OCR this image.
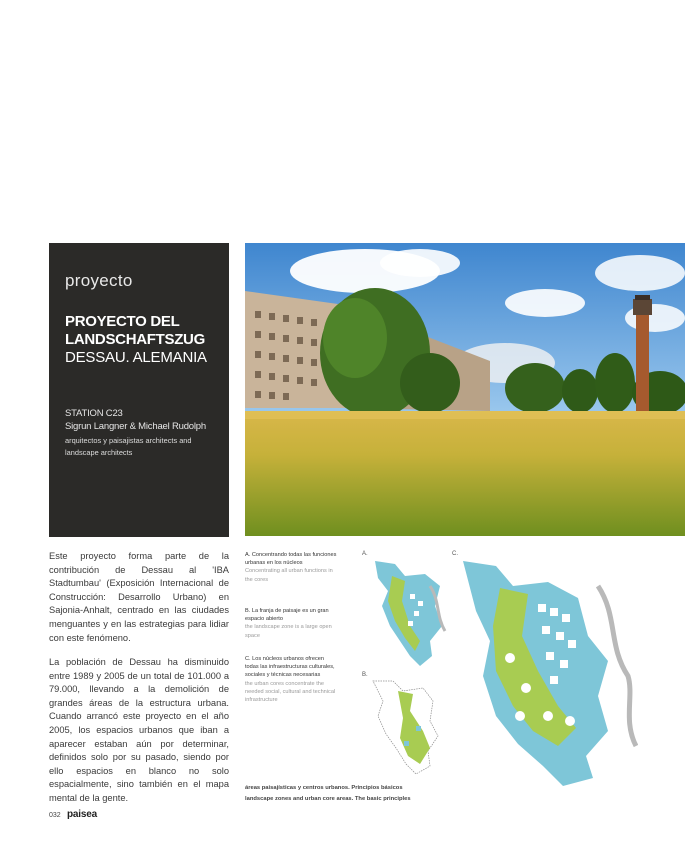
proyecto
PROYECTO DEL LANDSCHAFTSZUG
DESSAU. ALEMANIA
STATION C23
Sigrun Langner & Michael Rudolph
arquitectos y paisajistas architects and landscape architects
Este proyecto forma parte de la contribución de Dessau al 'IBA Stadtumbau' (Exposición Internacional de Construcción: Desarrollo Urbano) en Sajonia-Anhalt, centrado en las ciudades menguantes y en las estrategias para lidiar con este fenómeno.
La población de Dessau ha disminuido entre 1989 y 2005 de un total de 101.000 a 79.000, llevando a la demolición de grandes áreas de la estructura urbana. Cuando arrancó este proyecto en el año 2005, los espacios urbanos que iban a aparecer estaban aún por determinar, definidos solo por su pasado, siendo por ello espacios en blanco no solo espacialmente, sino también en el mapa mental de la gente.
A. Concentrando todas las funciones urbanas en los núcleos
Concentrating all urban functions in the cores
B. La franja de paisaje es un gran espacio abierto
the landscape zone is a large open space
C. Los núcleos urbanos ofrecen todas las infraestructuras culturales, sociales y técnicas necesarias
the urban cores concentrate the needed social, cultural and technical infrastructure
A.
B.
C.
áreas paisajísticas y centros urbanos. Principios básicos
landscape zones and urban core areas. The basic principles
032 paisea
